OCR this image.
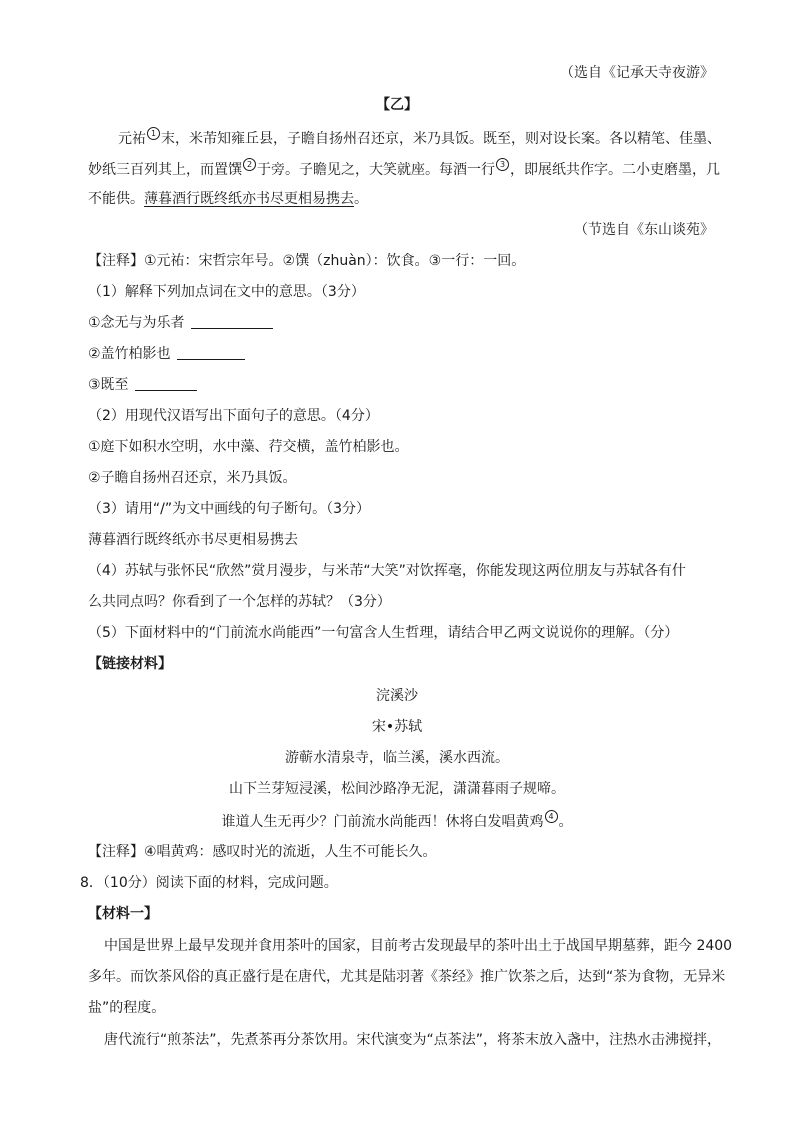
（选自《记承天寺夜游》
【乙】
元祐 1 末，米芾知雍丘县，子瞻自扬州召还京，米乃具饭。既至，则对设长案。各以精笔、佳墨、
妙纸三百列其上，而置馔 2 于旁。子瞻见之，大笑就座。每酒一行 3 ，即展纸共作字。二小吏磨墨，几
不能供。薄暮酒行既终纸亦书尽更相易携去。
（节选自《东山谈苑》
【注释】①元祐：宋哲宗年号。②馔（zhuàn）：饮食。③一行：一回。
（1）解释下列加点词在文中的意思。（3分）
①念无与为乐者
②盖竹柏影也
③既至
（2）用现代汉语写出下面句子的意思。（4分）
①庭下如积水空明，水中藻、荇交横，盖竹柏影也。
②子瞻自扬州召还京，米乃具饭。
（3）请用“/”为文中画线的句子断句。（3分）
薄暮酒行既终纸亦书尽更相易携去
（4）苏轼与张怀民“欣然”赏月漫步，与米芾“大笑”对饮挥毫，你能发现这两位朋友与苏轼各有什
么共同点吗？你看到了一个怎样的苏轼？（3分）
（5）下面材料中的“门前流水尚能西”一句富含人生哲理，请结合甲乙两文说说你的理解。（分）
【链接材料】
浣溪沙
宋•苏轼
游蕲水清泉寺，临兰溪，溪水西流。
山下兰芽短浸溪，松间沙路净无泥，潇潇暮雨子规啼。
谁道人生无再少？门前流水尚能西！休将白发唱黄鸡 4 。
【注释】④唱黄鸡：感叹时光的流逝，人生不可能长久。
8．（10分）阅读下面的材料，完成问题。
【材料一】
中国是世界上最早发现并食用茶叶的国家，目前考古发现最早的茶叶出土于战国早期墓葬，距今 2400
多年。而饮茶风俗的真正盛行是在唐代，尤其是陆羽著《茶经》推广饮茶之后，达到“茶为食物，无异米
盐”的程度。
唐代流行“煎茶法”，先煮茶再分茶饮用。宋代演变为“点茶法”，将茶末放入盏中，注热水击沸搅拌，
